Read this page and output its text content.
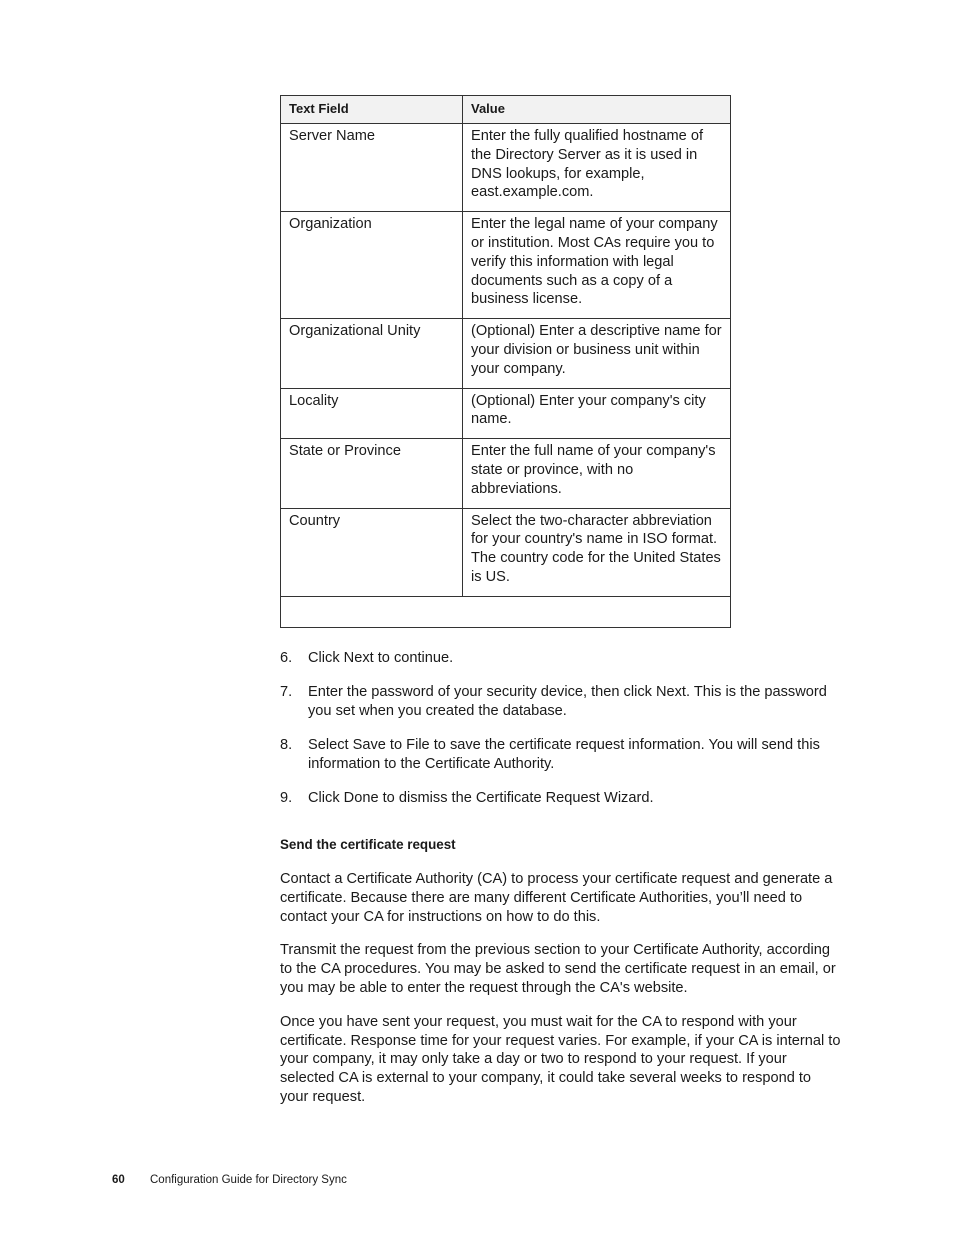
Text Field	Value
Server Name	Enter the fully qualified hostname of the Directory Server as it is used in DNS lookups, for example, east.example.com.
Organization	Enter the legal name of your company or institution. Most CAs require you to verify this information with legal documents such as a copy of a business license.
Organizational Unity	(Optional) Enter a descriptive name for your division or business unit within your company.
Locality	(Optional) Enter your company's city name.
State or Province	Enter the full name of your company's state or province, with no abbreviations.
Country	Select the two-character abbreviation for your country's name in ISO format. The country code for the United States is US.

6. Click Next to continue.
7. Enter the password of your security device, then click Next. This is the password you set when you created the database.
8. Select Save to File to save the certificate request information. You will send this information to the Certificate Authority.
9. Click Done to dismiss the Certificate Request Wizard.
Send the certificate request

Contact a Certificate Authority (CA) to process your certificate request and generate a certificate. Because there are many different Certificate Authorities, you’ll need to contact your CA for instructions on how to do this.

Transmit the request from the previous section to your Certificate Authority, according to the CA procedures. You may be asked to send the certificate request in an email, or you may be able to enter the request through the CA's website.

Once you have sent your request, you must wait for the CA to respond with your certificate. Response time for your request varies. For example, if your CA is internal to your company, it may only take a day or two to respond to your request. If your selected CA is external to your company, it could take several weeks to respond to your request.

60 Configuration Guide for Directory Sync
